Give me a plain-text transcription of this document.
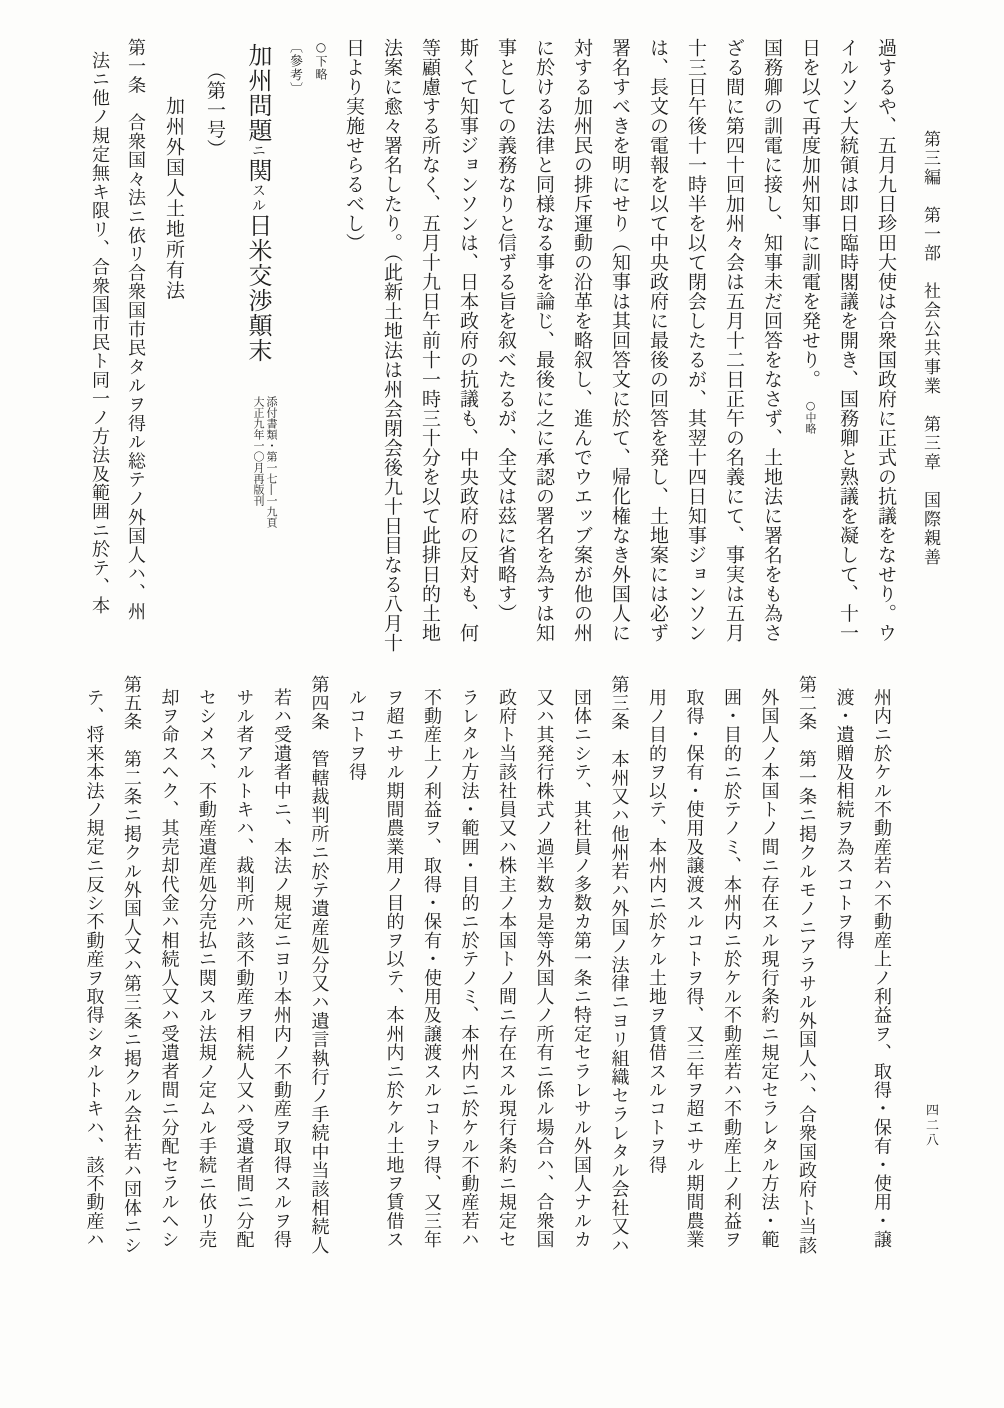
第三編　第一部　社会公共事業　第三章　国際親善
四二八

過するや、五月九日珍田大使は合衆国政府に正式の抗議をなせり。ウ

イルソン大統領は即日臨時閣議を開き、国務卿と熟議を凝して、十一

日を以て再度加州知事に訓電を発せり。○中略

国務卿の訓電に接し、知事未だ回答をなさず、土地法に署名をも為さ

ざる間に第四十回加州々会は五月十二日正午の名義にて、事実は五月

十三日午後十一時半を以て閉会したるが、其翌十四日知事ジョンソン

は、長文の電報を以て中央政府に最後の回答を発し、土地案には必ず

署名すべきを明にせり（知事は其回答文に於て、帰化権なき外国人に

対する加州民の排斥運動の沿革を略叙し、進んでウエッブ案が他の州

に於ける法律と同様なる事を論じ、最後に之に承認の署名を為すは知

事としての義務なりと信ずる旨を叙べたるが、全文は茲に省略す）

斯くて知事ジョンソンは、日本政府の抗議も、中央政府の反対も、何

等顧慮する所なく、五月十九日午前十一時三十分を以て此排日的土地

法案に愈々署名したり。（此新土地法は州会閉会後九十日目なる八月十

日より実施せらるべし）

○下略

〔參考〕

加州問題ニ関スル日米交渉顛末
添付書類・第一七―一九頁
大正九年一〇月再版刊

（第一号）

加州外国人土地所有法

第一条　合衆国々法ニ依リ合衆国市民タルヲ得ル総テノ外国人ハ、州

法ニ他ノ規定無キ限リ、合衆国市民ト同一ノ方法及範囲ニ於テ、本

州内ニ於ケル不動産若ハ不動産上ノ利益ヲ、取得・保有・使用・譲

渡・遺贈及相続ヲ為スコトヲ得

第二条　第一条ニ掲クルモノニアラサル外国人ハ、合衆国政府ト当該

外国人ノ本国トノ間ニ存在スル現行条約ニ規定セラレタル方法・範

囲・目的ニ於テノミ、本州内ニ於ケル不動産若ハ不動産上ノ利益ヲ

取得・保有・使用及譲渡スルコトヲ得、又三年ヲ超エサル期間農業

用ノ目的ヲ以テ、本州内ニ於ケル土地ヲ賃借スルコトヲ得

第三条　本州又ハ他州若ハ外国ノ法律ニヨリ組織セラレタル会社又ハ

団体ニシテ、其社員ノ多数カ第一条ニ特定セラレサル外国人ナルカ

又ハ其発行株式ノ過半数カ是等外国人ノ所有ニ係ル場合ハ、合衆国

政府ト当該社員又ハ株主ノ本国トノ間ニ存在スル現行条約ニ規定セ

ラレタル方法・範囲・目的ニ於テノミ、本州内ニ於ケル不動産若ハ

不動産上ノ利益ヲ、取得・保有・使用及譲渡スルコトヲ得、又三年

ヲ超エサル期間農業用ノ目的ヲ以テ、本州内ニ於ケル土地ヲ賃借ス

ルコトヲ得

第四条　管轄裁判所ニ於テ遺産処分又ハ遺言執行ノ手続中当該相続人

若ハ受遺者中ニ、本法ノ規定ニヨリ本州内ノ不動産ヲ取得スルヲ得

サル者アルトキハ、裁判所ハ該不動産ヲ相続人又ハ受遺者間ニ分配

セシメス、不動産遺産処分売払ニ関スル法規ノ定ムル手続ニ依リ売

却ヲ命スヘク、其売却代金ハ相続人又ハ受遺者間ニ分配セラルヘシ

第五条　第二条ニ掲クル外国人又ハ第三条ニ掲クル会社若ハ団体ニシ

テ、将来本法ノ規定ニ反シ不動産ヲ取得シタルトキハ、該不動産ハ
